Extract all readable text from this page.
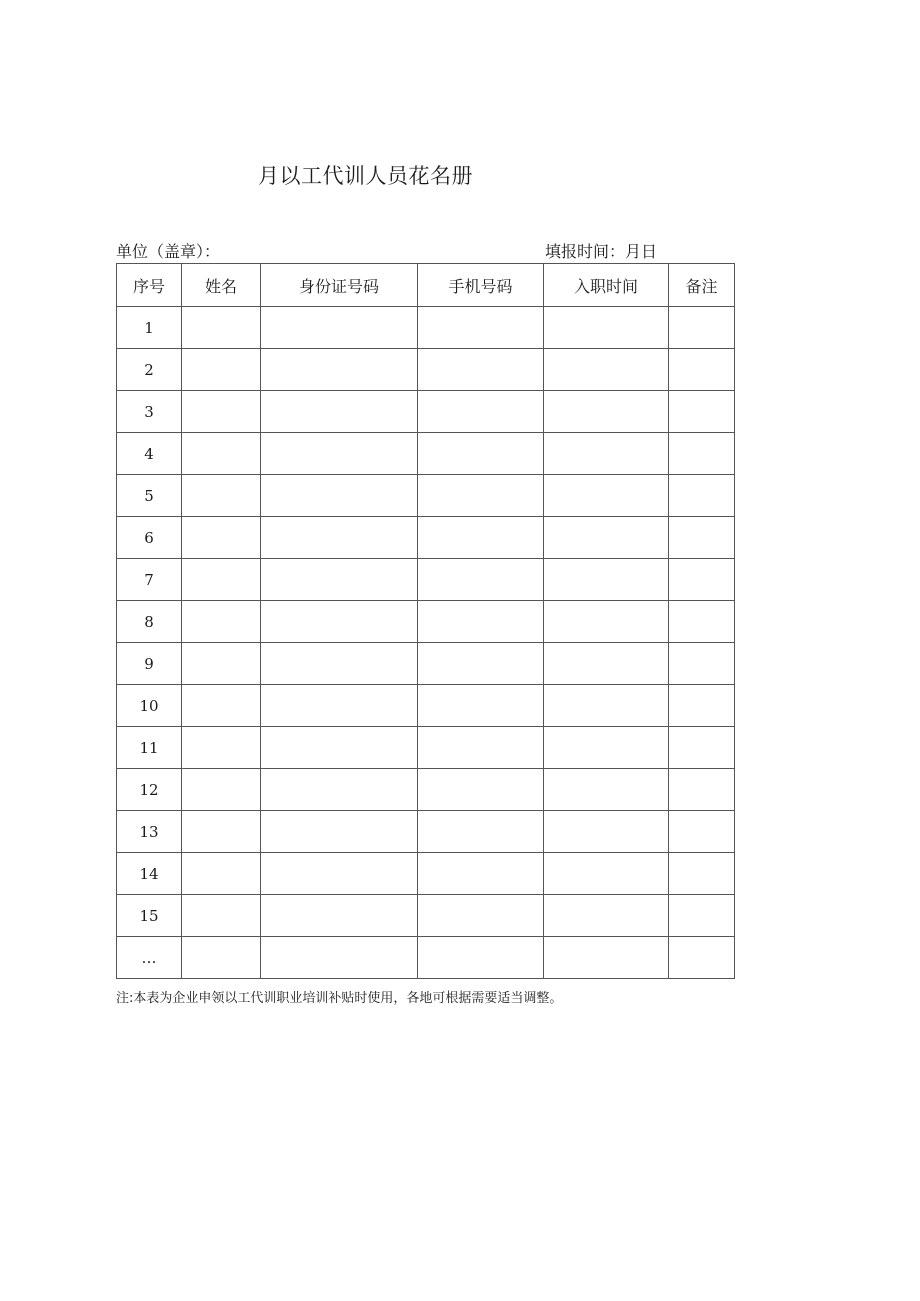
月以工代训人员花名册
单位（盖章）：	填报时间：月日
序号	姓名	身份证号码	手机号码	入职时间	备注
1					
2					
3					
4					
5					
6					
7					
8					
9					
10					
11					
12					
13					
14					
15					
…					
注:本表为企业申领以工代训职业培训补贴时使用，各地可根据需要适当调整。
